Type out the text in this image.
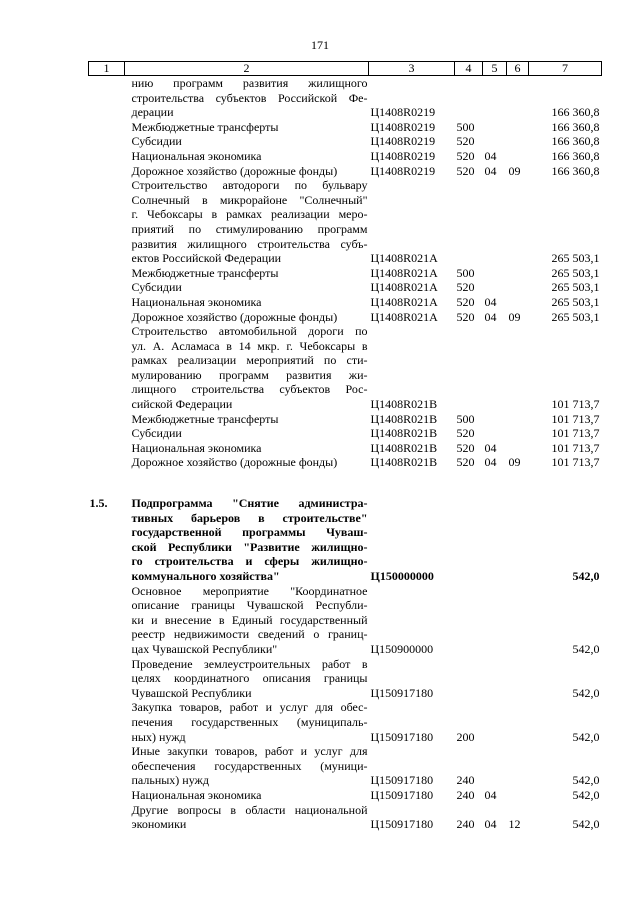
171
1	2	3	4	5	6	7
	нию программ развития жилищного					
	строительства субъектов Российской Фе-					
	дерации	Ц1408R0219				166 360,8
	Межбюджетные трансферты	Ц1408R0219	500			166 360,8
	Субсидии	Ц1408R0219	520			166 360,8
	Национальная экономика	Ц1408R0219	520	04		166 360,8
	Дорожное хозяйство (дорожные фонды)	Ц1408R0219	520	04	09	166 360,8
	Строительство автодороги по бульвару					
	Солнечный в микрорайоне "Солнечный"					
	г. Чебоксары в рамках реализации меро-					
	приятий по стимулированию программ					
	развития жилищного строительства субъ-					
	ектов Российской Федерации	Ц1408R021A				265 503,1
	Межбюджетные трансферты	Ц1408R021A	500			265 503,1
	Субсидии	Ц1408R021A	520			265 503,1
	Национальная экономика	Ц1408R021A	520	04		265 503,1
	Дорожное хозяйство (дорожные фонды)	Ц1408R021A	520	04	09	265 503,1
	Строительство автомобильной дороги по					
	ул. А. Асламаса в 14 мкр. г. Чебоксары в					
	рамках реализации мероприятий по сти-					
	мулированию программ развития жи-					
	лищного строительства субъектов Рос-					
	сийской Федерации	Ц1408R021B				101 713,7
	Межбюджетные трансферты	Ц1408R021B	500			101 713,7
	Субсидии	Ц1408R021B	520			101 713,7
	Национальная экономика	Ц1408R021B	520	04		101 713,7
	Дорожное хозяйство (дорожные фонды)	Ц1408R021B	520	04	09	101 713,7

1.5.	Подпрограмма "Снятие администра-					
	тивных барьеров в строительстве"					
	государственной программы Чуваш-					
	ской Республики "Развитие жилищно-					
	го строительства и сферы жилищно-					
	коммунального хозяйства"	Ц150000000				542,0
	Основное мероприятие "Координатное					
	описание границы Чувашской Республи-					
	ки и внесение в Единый государственный					
	реестр недвижимости сведений о границ-					
	цах Чувашской Республики"	Ц150900000				542,0
	Проведение землеустроительных работ в					
	целях координатного описания границы					
	Чувашской Республики	Ц150917180				542,0
	Закупка товаров, работ и услуг для обес-					
	печения государственных (муниципаль-					
	ных) нужд	Ц150917180	200			542,0
	Иные закупки товаров, работ и услуг для					
	обеспечения государственных (муници-					
	пальных) нужд	Ц150917180	240			542,0
	Национальная экономика	Ц150917180	240	04		542,0
	Другие вопросы в области национальной					
	экономики	Ц150917180	240	04	12	542,0
